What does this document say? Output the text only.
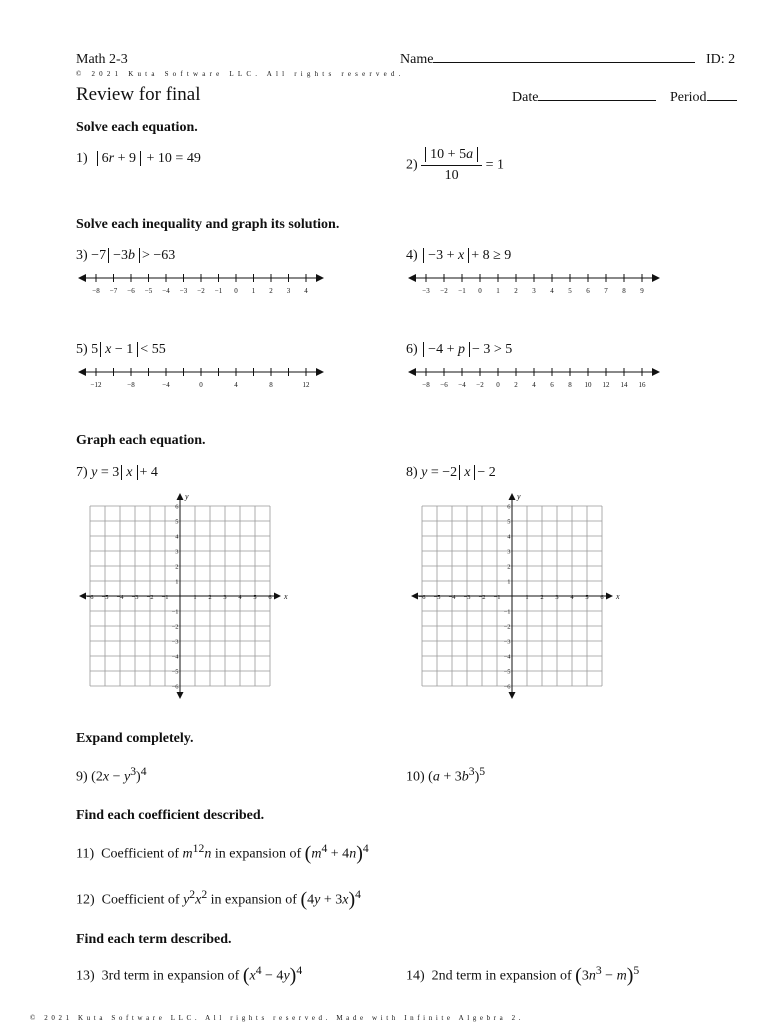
Math 2-3	Name	ID: 2
© 2021 Kuta Software LLC. All rights reserved.
Review for final	Date	Period
Solve each equation.
1) 6r + 9 + 10 = 49	$2) \frac{10 + 5a}{10} = 1$
Solve each inequality and graph its solution.
3) −7 −3b > −63	4) −3 + x + 8 ≥ 9
−8 −7 −6 −5 −4 −3 −2 −1 0 1 2 3 4	−3 −2 −1 0 1 2 3 4 5 6 7 8 9
5) 5 x − 1 < 55	6) −4 + p − 3 > 5
−12	−8	−4	0	4	8	12	−8 −6 −4 −2 0 2 4 6 8 10 12 14 16
Graph each equation.
7) y = 3 x + 4	8) y = −2 x − 2
x
y
−6 −5 −4 −3 −2 −1	1 2 3 4 5 6
6
5
4
3
2
1
−1
−2
−3
−4
−5
−6
x
y
−6 −5 −4 −3 −2 −1	1 2 3 4 5 6
6
5
4
3
2
1
−1
−2
−3
−4
−5
−6
Expand completely.
9) $(2x - y^3)^4$	10) $(a + 3b^3)^5$
Find each coefficient described.
11) Coefficient of $m^{12}n$ in expansion of $(m^4 + 4n)^4$
12) Coefficient of $y^2x^2$ in expansion of $(4y + 3x)^4$
Find each term described.
13) 3rd term in expansion of $(x^4 - 4y)^4$	14) 2nd term in expansion of $(3n^3 - m)^5$
© 2021 Kuta Software LLC. All rights reserved. Made with Infinite Algebra 2.
